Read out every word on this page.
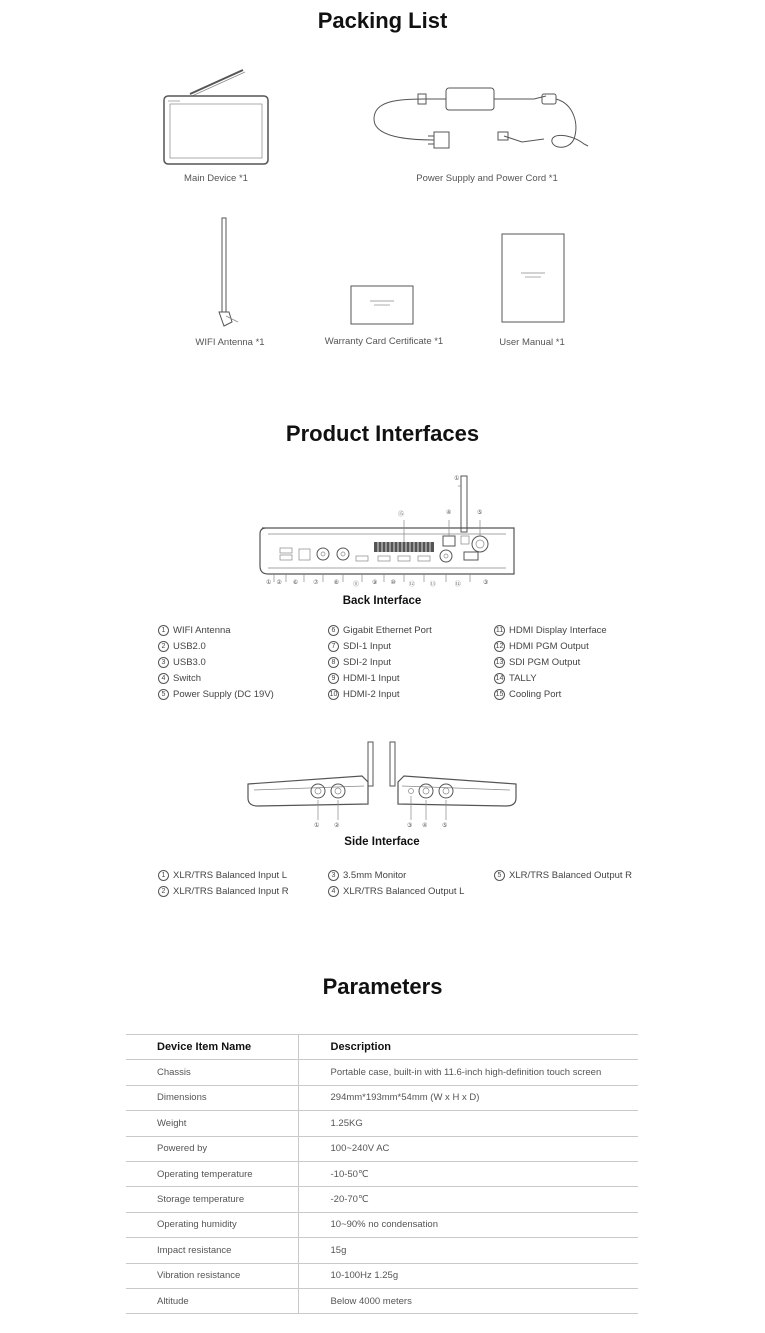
Packing List
Main Device *1	Power Supply and Power Cord *1
WIFI Antenna *1	Warranty Card Certificate *1	User Manual *1
Product Interfaces
① ② ⑥	⑦	⑧ ⑪ ⑨ ⑩ ⑫	⑬	⑭
⑮	④	⑤
①
③
Back Interface
1 WIFI Antenna
2 USB2.0
3 USB3.0
4 Switch
5 Power Supply (DC 19V)
6 Gigabit Ethernet Port
7 SDI-1 Input
8 SDI-2 Input
9 HDMI-1 Input
10 HDMI-2 Input
11 HDMI Display Interface
12 HDMI PGM Output
13 SDI PGM Output
14 TALLY
15 Cooling Port
① ②	③ ④ ⑤
Side Interface
1 XLR/TRS Balanced Input L
2 XLR/TRS Balanced Input R
3 3.5mm Monitor
4 XLR/TRS Balanced Output L
5 XLR/TRS Balanced Output R
Parameters
Device Item Name	Description
Chassis	Portable case, built-in with 11.6-inch high-definition touch screen
Dimensions	294mm*193mm*54mm (W x H x D)
Weight	1.25KG
Powered by	100~240V AC
Operating temperature	-10-50℃
Storage temperature	-20-70℃
Operating humidity	10~90% no condensation
Impact resistance	15g
Vibration resistance	10-100Hz 1.25g
Altitude	Below 4000 meters
